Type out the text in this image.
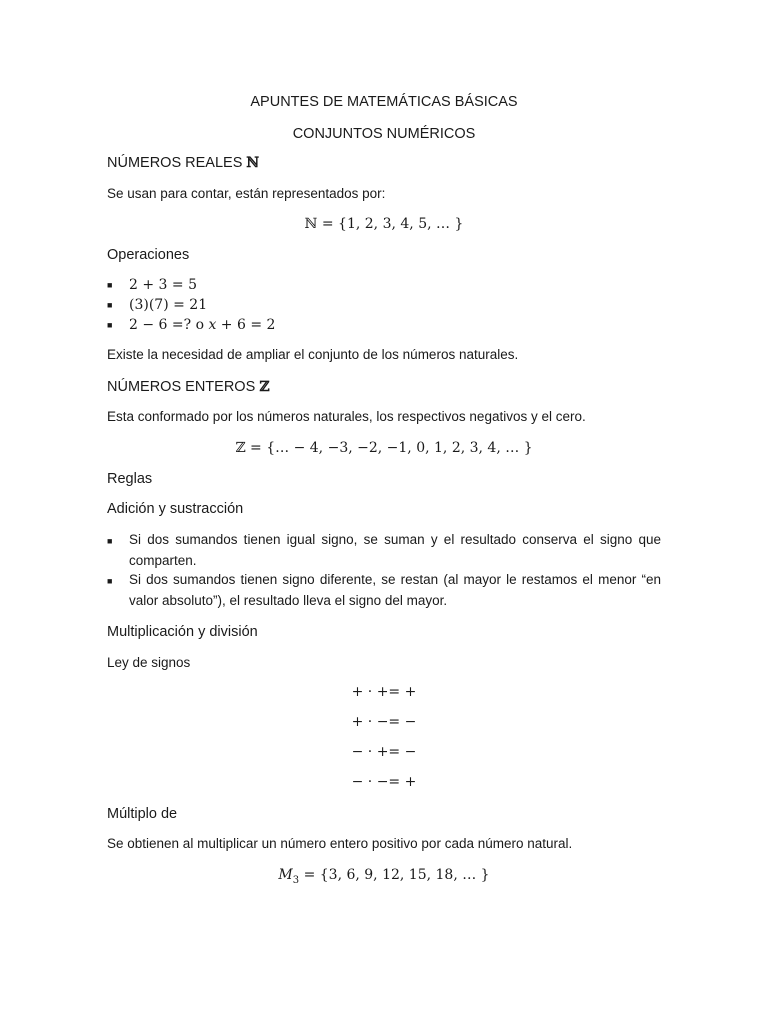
APUNTES DE MATEMÁTICAS BÁSICAS
CONJUNTOS NUMÉRICOS
NÚMEROS REALES ℕ
Se usan para contar, están representados por:
ℕ = {1, 2, 3, 4, 5, … }
Operaciones
■ 2 + 3 = 5
■ (3)(7) = 21
■ 2 − 6 =? o 𝑥 + 6 = 2
Existe la necesidad de ampliar el conjunto de los números naturales.
NÚMEROS ENTEROS ℤ
Esta conformado por los números naturales, los respectivos negativos y el cero.
ℤ = {… − 4, −3, −2, −1, 0, 1, 2, 3, 4, … }
Reglas
Adición y sustracción
■ Si dos sumandos tienen igual signo, se suman y el resultado conserva el signo que comparten.
■ Si dos sumandos tienen signo diferente, se restan (al mayor le restamos el menor “en valor absoluto”), el resultado lleva el signo del mayor.
Multiplicación y división
Ley de signos
+ · += +
+ · −= −
− · += −
− · −= +
Múltiplo de
Se obtienen al multiplicar un número entero positivo por cada número natural.
𝑀$_3$ = {3, 6, 9, 12, 15, 18, … }
